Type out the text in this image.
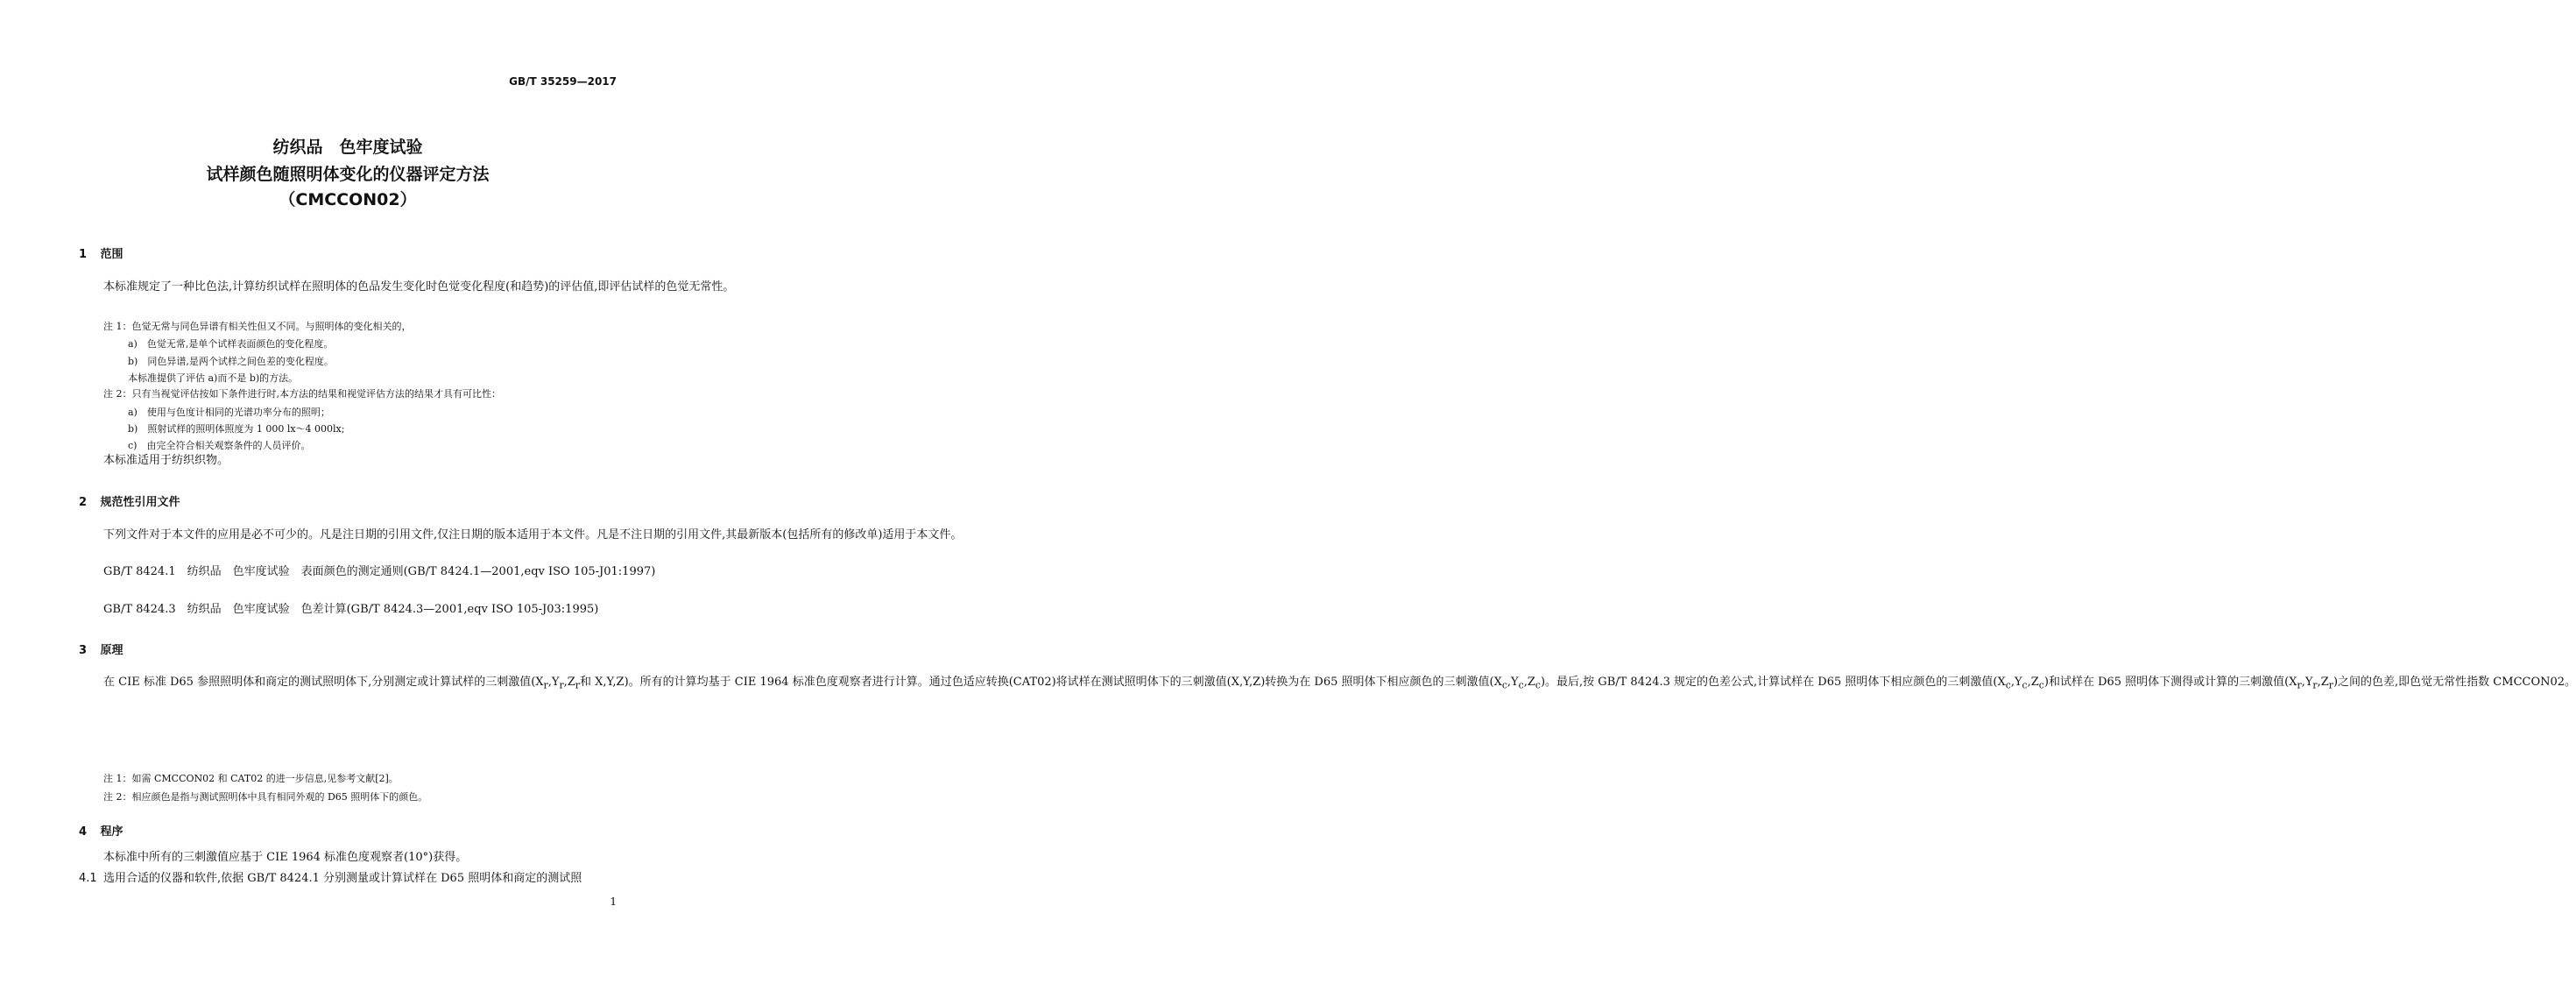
GB/T 35259—2017
纺织品　色牢度试验
试样颜色随照明体变化的仪器评定方法
（CMCCON02）
1 范围
本标准规定了一种比色法,计算纺织试样在照明体的色品发生变化时色觉变化程度(和趋势)的评估值,即评估试样的色觉无常性。
注 1：色觉无常与同色异谱有相关性但又不同。与照明体的变化相关的，
a)　色觉无常,是单个试样表面颜色的变化程度。
b)　同色异谱,是两个试样之间色差的变化程度。
本标准提供了评估 a)而不是 b)的方法。
注 2：只有当视觉评估按如下条件进行时,本方法的结果和视觉评估方法的结果才具有可比性：
a)　使用与色度计相同的光谱功率分布的照明；
b)　照射试样的照明体照度为 1 000 lx～4 000lx;
c)　由完全符合相关观察条件的人员评价。
本标准适用于纺织织物。
2 规范性引用文件
下列文件对于本文件的应用是必不可少的。凡是注日期的引用文件,仅注日期的版本适用于本文件。凡是不注日期的引用文件,其最新版本(包括所有的修改单)适用于本文件。
GB/T 8424.1　纺织品　色牢度试验　表面颜色的测定通则(GB/T 8424.1—2001,eqv ISO 105-J01:1997)
GB/T 8424.3　纺织品　色牢度试验　色差计算(GB/T 8424.3—2001,eqv ISO 105-J03:1995)
3 原理
在 CIE 标准 D65 参照照明体和商定的测试照明体下,分别测定或计算试样的三刺激值($X_r,Y_r,Z_r$和 X,Y,Z)。所有的计算均基于 CIE 1964 标准色度观察者进行计算。通过色适应转换(CAT02)将试样在测试照明体下的三刺激值(X,Y,Z)转换为在 D65 照明体下相应颜色的三刺激值$(X_c,Y_c,Z_c)$。最后,按 GB/T 8424.3 规定的色差公式,计算试样在 D65 照明体下相应颜色的三刺激值$(X_c,Y_c,Z_c)$和试样在 D65 照明体下测得或计算的三刺激值$(X_r,Y_r,Z_r)$之间的色差,即色觉无常性指数 CMCCON02。
注 1：如需 CMCCON02 和 CAT02 的进一步信息,见参考文献[2]。
注 2：相应颜色是指与测试照明体中具有相同外观的 D65 照明体下的颜色。
4 程序
本标准中所有的三刺激值应基于 CIE 1964 标准色度观察者(10°)获得。
4.1 选用合适的仪器和软件,依据 GB/T 8424.1 分别测量或计算试样在 D65 照明体和商定的测试照
1
